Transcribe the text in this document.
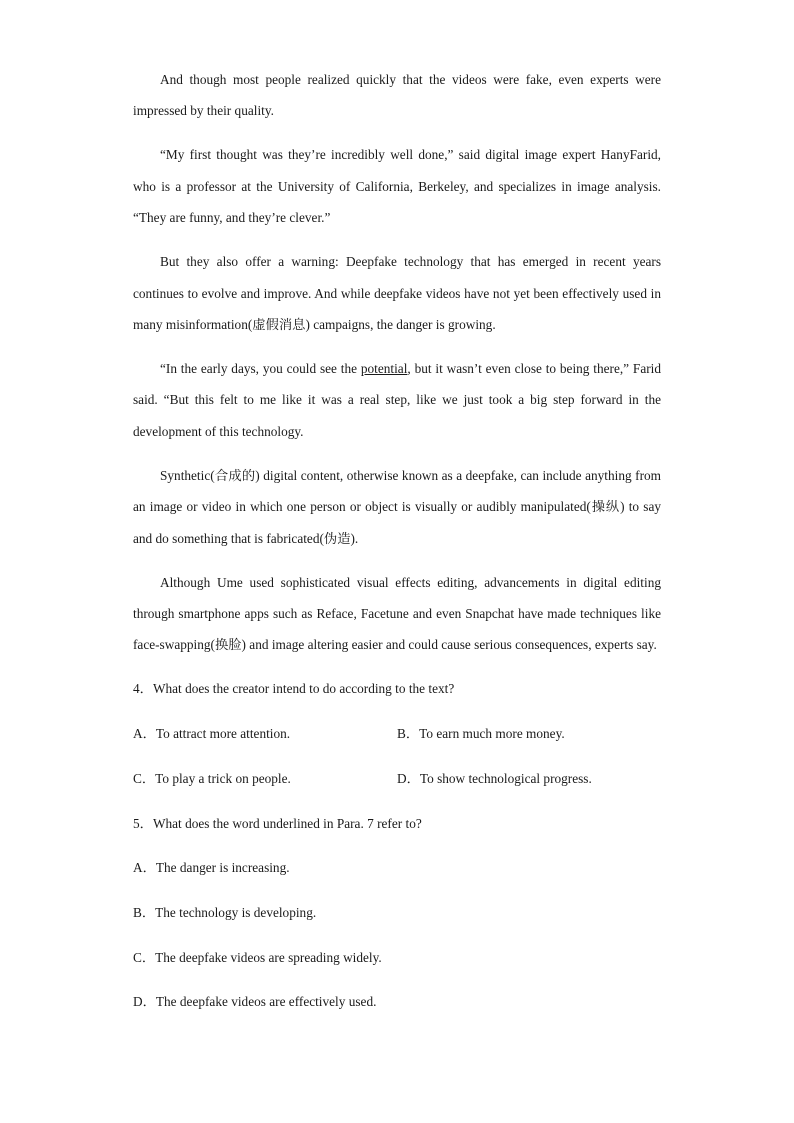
And though most people realized quickly that the videos were fake, even experts were impressed by their quality.

“My first thought was they’re incredibly well done,” said digital image expert HanyFarid, who is a professor at the University of California, Berkeley, and specializes in image analysis. “They are funny, and they’re clever.”

But they also offer a warning: Deepfake technology that has emerged in recent years continues to evolve and improve. And while deepfake videos have not yet been effectively used in many misinformation(虚假消息) campaigns, the danger is growing.

“In the early days, you could see the potential, but it wasn’t even close to being there,” Farid said. “But this felt to me like it was a real step, like we just took a big step forward in the development of this technology.

Synthetic(合成的) digital content, otherwise known as a deepfake, can include anything from an image or video in which one person or object is visually or audibly manipulated(操纵) to say and do something that is fabricated(伪造).

Although Ume used sophisticated visual effects editing, advancements in digital editing through smartphone apps such as Reface, Facetune and even Snapchat have made techniques like face-swapping(换脸) and image altering easier and could cause serious consequences, experts say.

4．What does the creator intend to do according to the text?
A．To attract more attention.	B．To earn much more money.
C．To play a trick on people.	D．To show technological progress.
5．What does the word underlined in Para. 7 refer to?
A．The danger is increasing.
B．The technology is developing.
C．The deepfake videos are spreading widely.
D．The deepfake videos are effectively used.
